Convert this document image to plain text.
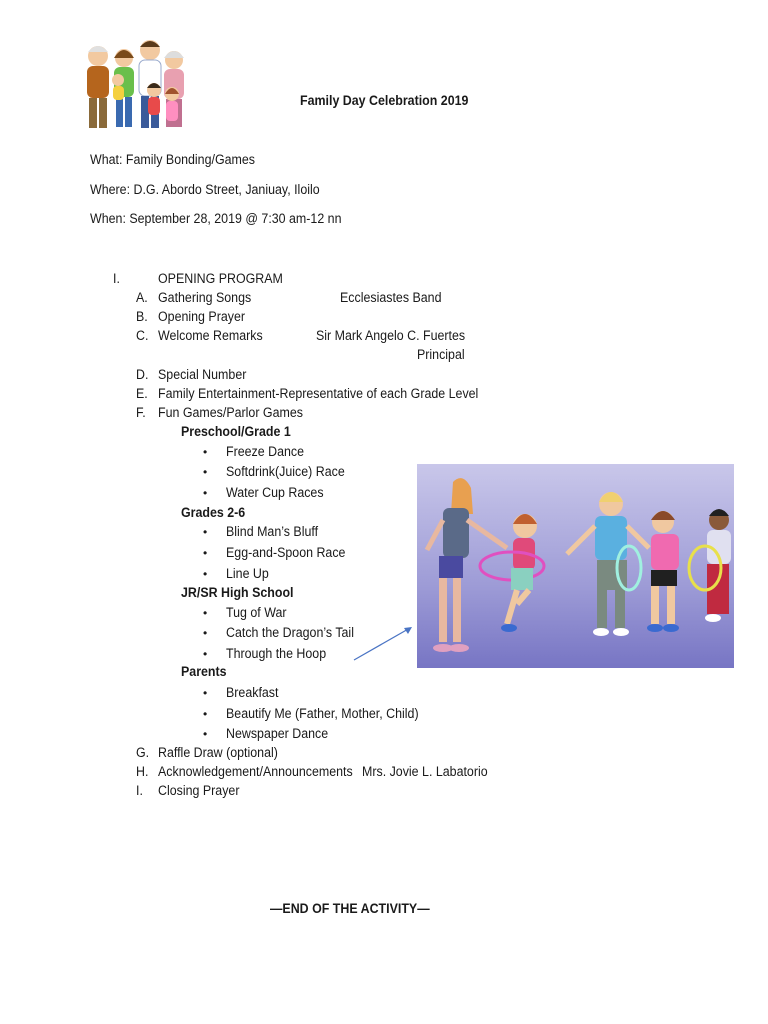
Family Day Celebration 2019
What: Family Bonding/Games
Where: D.G. Abordo Street, Janiuay, Iloilo
When: September 28, 2019 @ 7:30 am-12 nn
I.	OPENING PROGRAM
A. Gathering Songs	Ecclesiastes Band
B. Opening Prayer
C. Welcome Remarks	Sir Mark Angelo C. Fuertes
Principal
D. Special Number
E. Family Entertainment-Representative of each Grade Level
F. Fun Games/Parlor Games
Preschool/Grade 1
• Freeze Dance
• Softdrink(Juice) Race
• Water Cup Races
Grades 2-6
• Blind Man’s Bluff
• Egg-and-Spoon Race
• Line Up
JR/SR High School
• Tug of War
• Catch the Dragon’s Tail
• Through the Hoop
Parents
• Breakfast
• Beautify Me (Father, Mother, Child)
• Newspaper Dance
G. Raffle Draw (optional)
H. Acknowledgement/Announcements Mrs. Jovie L. Labatorio
I. Closing Prayer
—END OF THE ACTIVITY—
